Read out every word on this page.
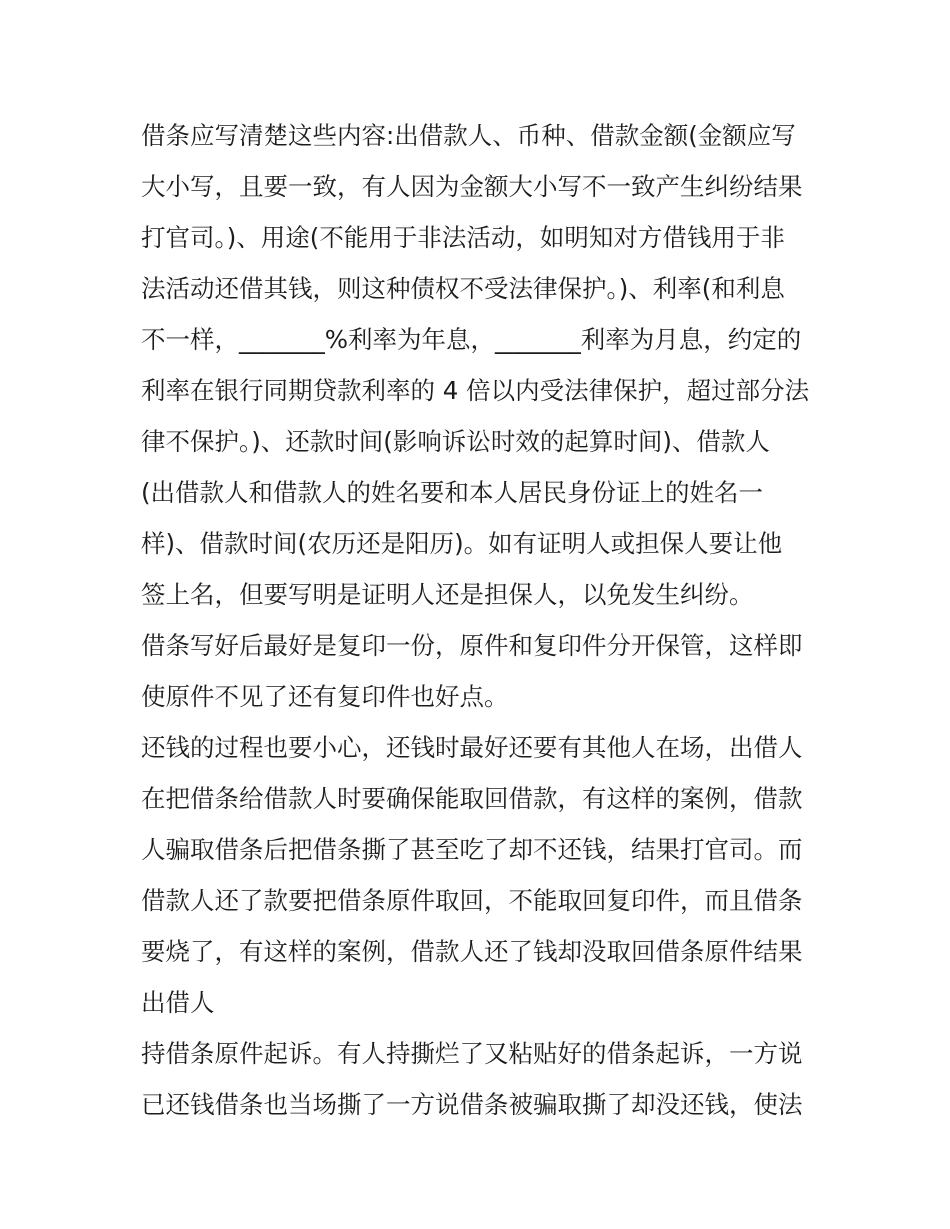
借条应写清楚这些内容:出借款人、币种、借款金额(金额应写
大小写，且要一致，有人因为金额大小写不一致产生纠纷结果
打官司。)、用途(不能用于非法活动，如明知对方借钱用于非
法活动还借其钱，则这种债权不受法律保护。)、利率(和利息
不一样，_______%利率为年息，_______利率为月息，约定的
利率在银行同期贷款利率的 4 倍以内受法律保护，超过部分法
律不保护。)、还款时间(影响诉讼时效的起算时间)、借款人
(出借款人和借款人的姓名要和本人居民身份证上的姓名一
样)、借款时间(农历还是阳历)。如有证明人或担保人要让他
签上名，但要写明是证明人还是担保人，以免发生纠纷。
借条写好后最好是复印一份，原件和复印件分开保管，这样即
使原件不见了还有复印件也好点。
还钱的过程也要小心，还钱时最好还要有其他人在场，出借人
在把借条给借款人时要确保能取回借款，有这样的案例，借款
人骗取借条后把借条撕了甚至吃了却不还钱，结果打官司。而
借款人还了款要把借条原件取回，不能取回复印件，而且借条
要烧了，有这样的案例，借款人还了钱却没取回借条原件结果
出借人
持借条原件起诉。有人持撕烂了又粘贴好的借条起诉，一方说
已还钱借条也当场撕了一方说借条被骗取撕了却没还钱，使法
